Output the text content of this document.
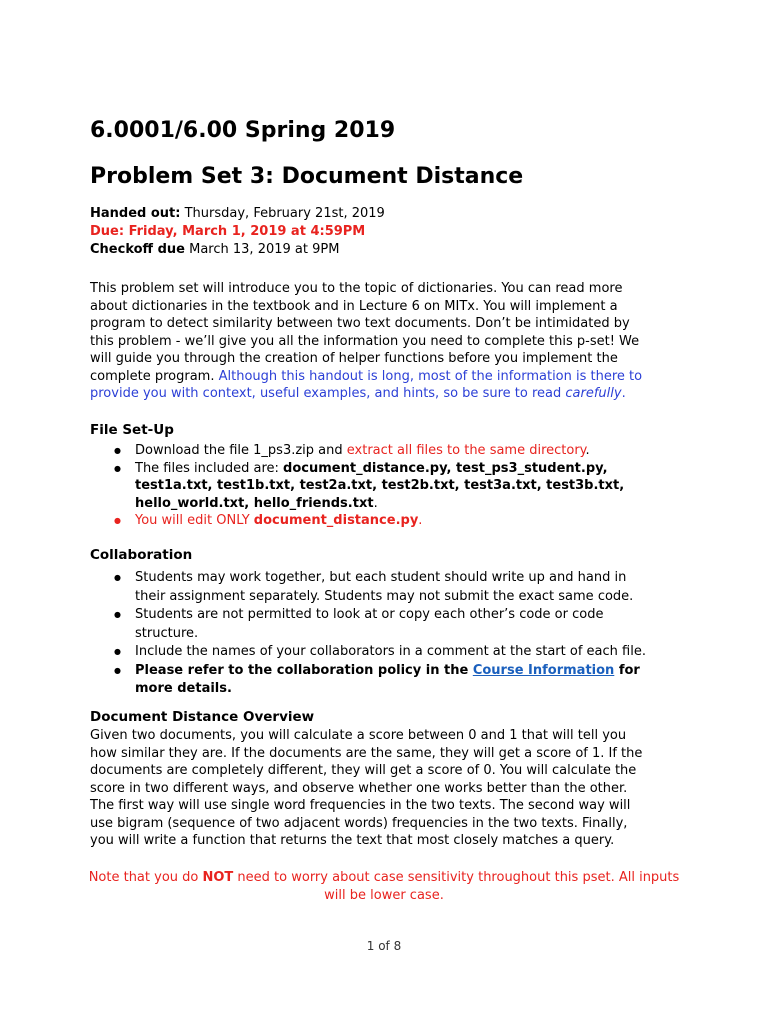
6.0001/6.00 Spring 2019
Problem Set 3: Document Distance
Handed out: Thursday, February 21st, 2019
Due: Friday, March 1, 2019 at 4:59PM
Checkoff due March 13, 2019 at 9PM

This problem set will introduce you to the topic of dictionaries. You can read more about dictionaries in the textbook and in Lecture 6 on MITx. You will implement a program to detect similarity between two text documents. Don’t be intimidated by this problem - we’ll give you all the information you need to complete this p-set! We will guide you through the creation of helper functions before you implement the complete program. Although this handout is long, most of the information is there to provide you with context, useful examples, and hints, so be sure to read carefully.

File Set-Up
● Download the file 1_ps3.zip and extract all files to the same directory.
● The files included are: document_distance.py, test_ps3_student.py, test1a.txt, test1b.txt, test2a.txt, test2b.txt, test3a.txt, test3b.txt, hello_world.txt, hello_friends.txt.
● You will edit ONLY document_distance.py.
Collaboration
● Students may work together, but each student should write up and hand in their assignment separately. Students may not submit the exact same code.
● Students are not permitted to look at or copy each other’s code or code structure.
● Include the names of your collaborators in a comment at the start of each file.
● Please refer to the collaboration policy in the Course Information for more details.
Document Distance Overview

Given two documents, you will calculate a score between 0 and 1 that will tell you how similar they are. If the documents are the same, they will get a score of 1. If the documents are completely different, they will get a score of 0. You will calculate the score in two different ways, and observe whether one works better than the other. The first way will use single word frequencies in the two texts. The second way will use bigram (sequence of two adjacent words) frequencies in the two texts. Finally, you will write a function that returns the text that most closely matches a query.

Note that you do NOT need to worry about case sensitivity throughout this pset. All inputs will be lower case.
1 of 8
